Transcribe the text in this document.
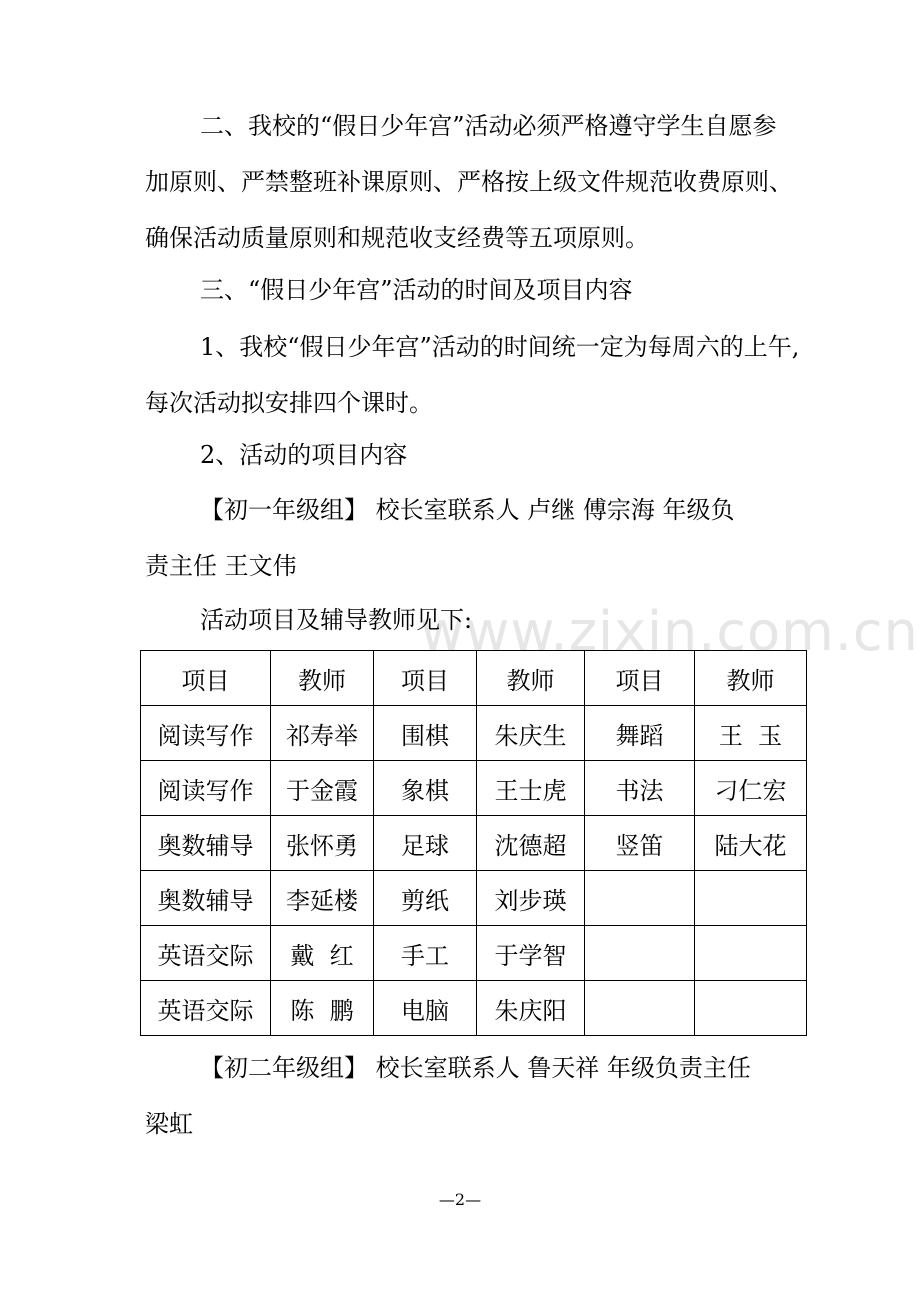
www.zixin.com.cn
二、我校的“假日少年宫”活动必须严格遵守学生自愿参
加原则、严禁整班补课原则、严格按上级文件规范收费原则、
确保活动质量原则和规范收支经费等五项原则。
三、“假日少年宫”活动的时间及项目内容
1、我校“假日少年宫”活动的时间统一定为每周六的上午,
每次活动拟安排四个课时。
2、活动的项目内容
【初一年级组】 校长室联系人 卢继 傅宗海 年级负
责主任 王文伟
活动项目及辅导教师见下:
项目	教师	项目	教师	项目	教师
阅读写作	祁寿举	围棋	朱庆生	舞蹈	王  玉
阅读写作	于金霞	象棋	王士虎	书法	刁仁宏
奥数辅导	张怀勇	足球	沈德超	竖笛	陆大花
奥数辅导	李延楼	剪纸	刘步瑛		
英语交际	戴  红	手工	于学智		
英语交际	陈  鹏	电脑	朱庆阳		
【初二年级组】 校长室联系人 鲁天祥 年级负责主任
梁虹
—2—
